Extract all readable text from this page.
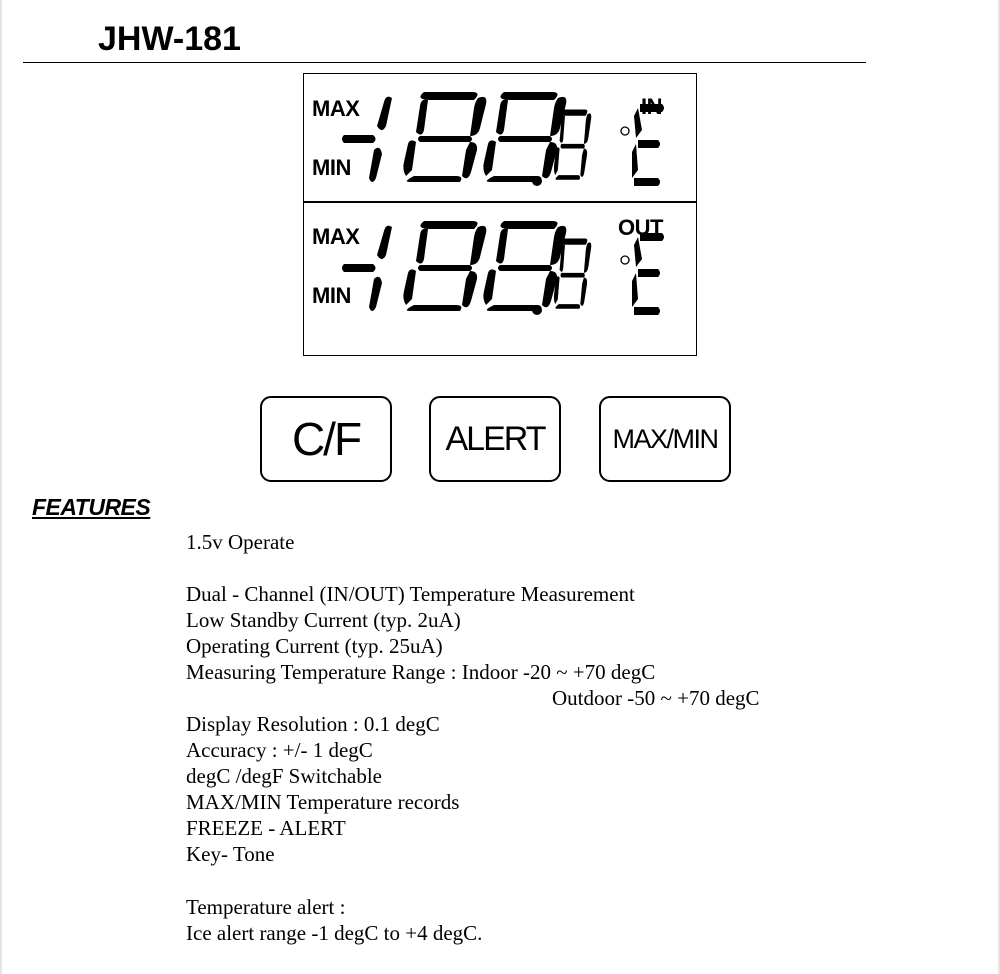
JHW-181
MAX
MIN
IN
MAX
MIN
OUT
C/F	ALERT	MAX/MIN
FEATURES
1.5v Operate
Dual - Channel (IN/OUT) Temperature Measurement
Low Standby Current (typ. 2uA)
Operating Current (typ. 25uA)
Measuring Temperature Range : Indoor -20 ~ +70 degC
Outdoor -50 ~ +70 degC
Display Resolution : 0.1 degC
Accuracy : +/- 1 degC
degC /degF Switchable
MAX/MIN Temperature records
FREEZE - ALERT
Key- Tone
Temperature alert :
Ice alert range -1 degC to +4 degC.
